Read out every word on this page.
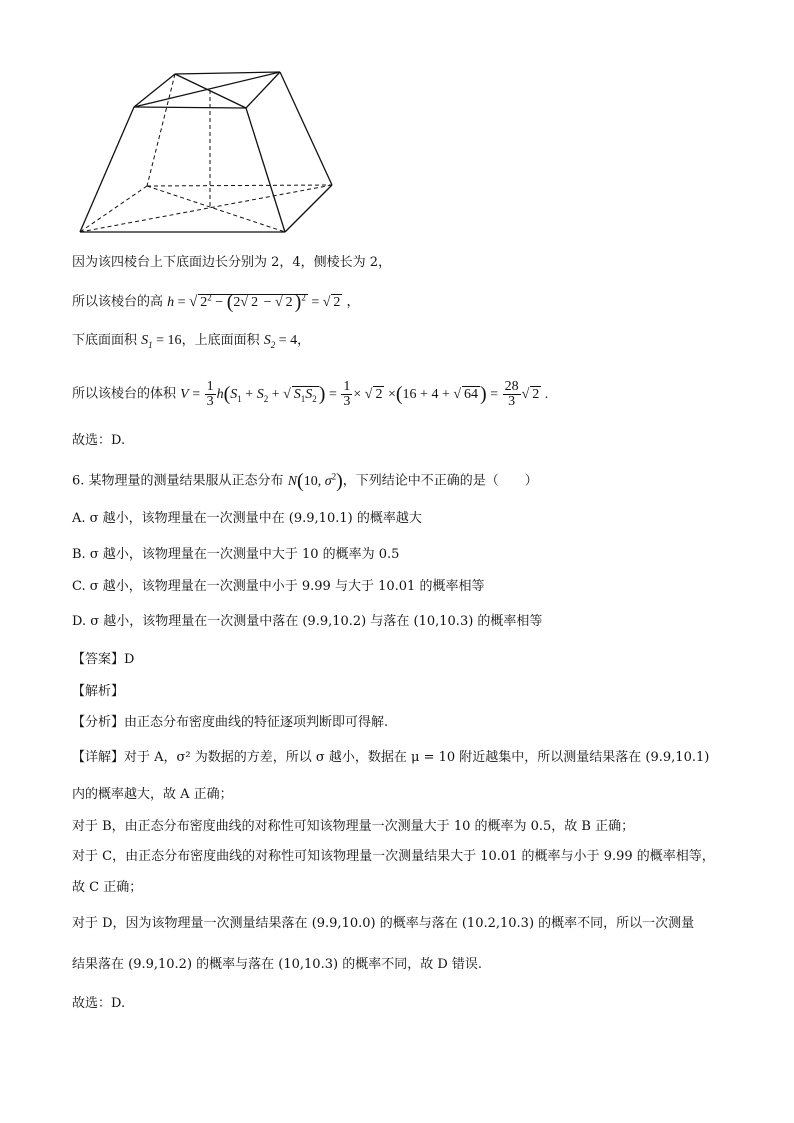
因为该四棱台上下底面边长分别为 2，4，侧棱长为 2，
所以该棱台的高 h = √ $2^2 - (2√$ 2 − √ 2 )$^2$ = √ 2 ，
下底面面积 $S_1 = 16$，上底面面积 $S_2 = 4$，
所以该棱台的体积 $V = \frac{1}{3} h(S_1 + S_2$ + √ $S_1S_2$ ) = $\frac{1}{3}$ × √ 2 ×(16 + 4 + √ 64 ) = $\frac{28}{3}$ √ 2 .
故选：D.
6. 某物理量的测量结果服从正态分布 N(10, $\sigma^2$)，下列结论中不正确的是（　　）
A. σ 越小，该物理量在一次测量中在 (9.9,10.1) 的概率越大
B. σ 越小，该物理量在一次测量中大于 10 的概率为 0.5
C. σ 越小，该物理量在一次测量中小于 9.99 与大于 10.01 的概率相等
D. σ 越小，该物理量在一次测量中落在 (9.9,10.2) 与落在 (10,10.3) 的概率相等
【答案】D
【解析】
【分析】由正态分布密度曲线的特征逐项判断即可得解.
【详解】对于 A，σ² 为数据的方差，所以 σ 越小，数据在 μ = 10 附近越集中，所以测量结果落在 (9.9,10.1)
内的概率越大，故 A 正确；
对于 B，由正态分布密度曲线的对称性可知该物理量一次测量大于 10 的概率为 0.5，故 B 正确；
对于 C，由正态分布密度曲线的对称性可知该物理量一次测量结果大于 10.01 的概率与小于 9.99 的概率相等，
故 C 正确；
对于 D，因为该物理量一次测量结果落在 (9.9,10.0) 的概率与落在 (10.2,10.3) 的概率不同，所以一次测量
结果落在 (9.9,10.2) 的概率与落在 (10,10.3) 的概率不同，故 D 错误.
故选：D.
